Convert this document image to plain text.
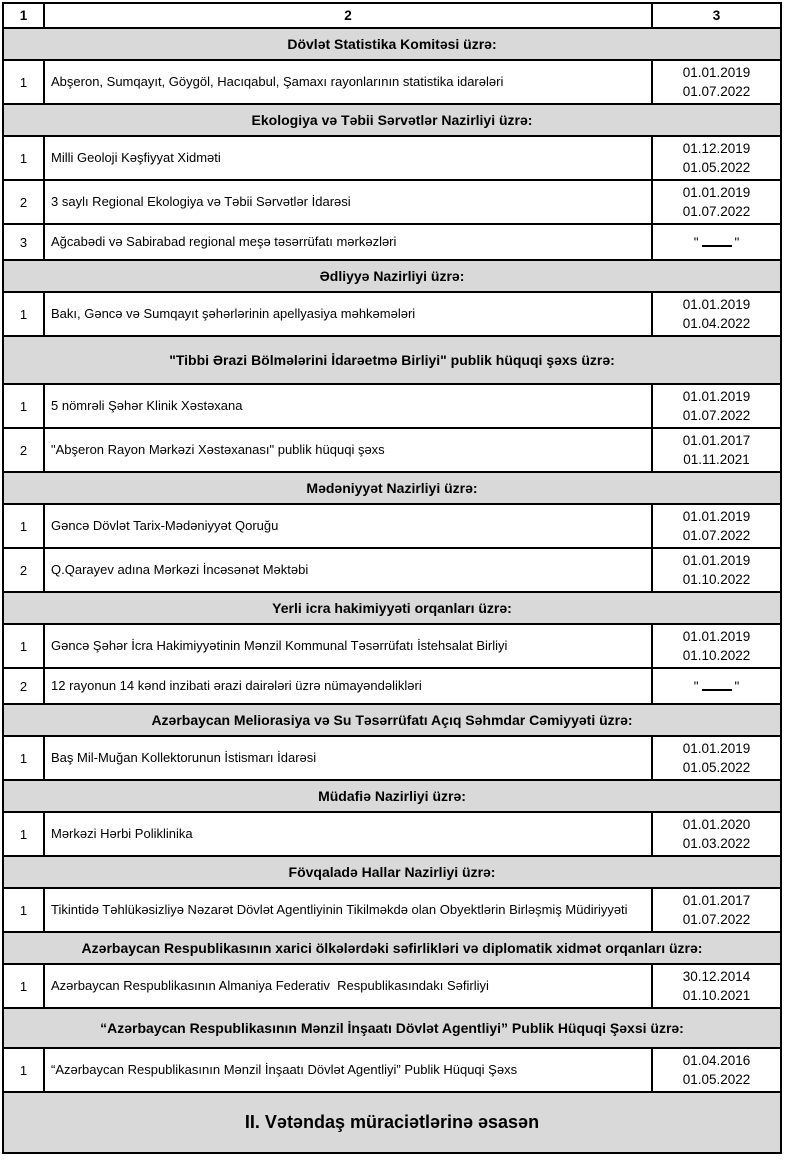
1	2	3
Dövlət Statistika Komitəsi üzrə:		
1	Abşeron, Sumqayıt, Göygöl, Hacıqabul, Şamaxı rayonlarının statistika idarələri	01.01.2019
01.07.2022

Ekologiya və Təbii Sərvətlər Nazirliyi üzrə:		
1	Milli Geoloji Kəşfiyyat Xidməti	01.12.2019
01.05.2022

2	3 saylı Regional Ekologiya və Təbii Sərvətlər İdarəsi	01.01.2019
01.07.2022

3	Ağcabədi və Sabirabad regional meşə təsərrüfatı mərkəzləri	" "
Ədliyyə Nazirliyi üzrə:		
1	Bakı, Gəncə və Sumqayıt şəhərlərinin apellyasiya məhkəmələri	01.01.2019
01.04.2022

"Tibbi Ərazi Bölmələrini İdarəetmə Birliyi" publik hüquqi şəxs üzrə:		
1	5 nömrəli Şəhər Klinik Xəstəxana	01.01.2019
01.07.2022

2	"Abşeron Rayon Mərkəzi Xəstəxanası" publik hüquqi şəxs	01.01.2017
01.11.2021

Mədəniyyət Nazirliyi üzrə:		
1	Gəncə Dövlət Tarix-Mədəniyyət Qoruğu	01.01.2019
01.07.2022

2	Q.Qarayev adına Mərkəzi İncəsənət Məktəbi	01.01.2019
01.10.2022

Yerli icra hakimiyyəti orqanları üzrə:		
1	Gəncə Şəhər İcra Hakimiyyətinin Mənzil Kommunal Təsərrüfatı İstehsalat Birliyi	01.01.2019
01.10.2022

2	12 rayonun 14 kənd inzibati ərazi dairələri üzrə nümayəndəlikləri	" "
Azərbaycan Meliorasiya və Su Təsərrüfatı Açıq Səhmdar Cəmiyyəti üzrə:		
1	Baş Mil-Muğan Kollektorunun İstismarı İdarəsi	01.01.2019
01.05.2022

Müdafiə Nazirliyi üzrə:		
1	Mərkəzi Hərbi Poliklinika	01.01.2020
01.03.2022

Fövqaladə Hallar Nazirliyi üzrə:		
1	Tikintidə Təhlükəsizliyə Nəzarət Dövlət Agentliyinin Tikilməkdə olan Obyektlərin Birləşmiş Müdiriyyəti	01.01.2017
01.07.2022

Azərbaycan Respublikasının xarici ölkələrdəki səfirlikləri və diplomatik xidmət orqanları üzrə:		
1	Azərbaycan Respublikasının Almaniya Federativ  Respublikasındakı Səfirliyi	30.12.2014
01.10.2021

“Azərbaycan Respublikasının Mənzil İnşaatı Dövlət Agentliyi” Publik Hüquqi Şəxsi üzrə:		
1	“Azərbaycan Respublikasının Mənzil İnşaatı Dövlət Agentliyi” Publik Hüquqi Şəxs	01.04.2016
01.05.2022

II. Vətəndaş müraciətlərinə əsasən		
